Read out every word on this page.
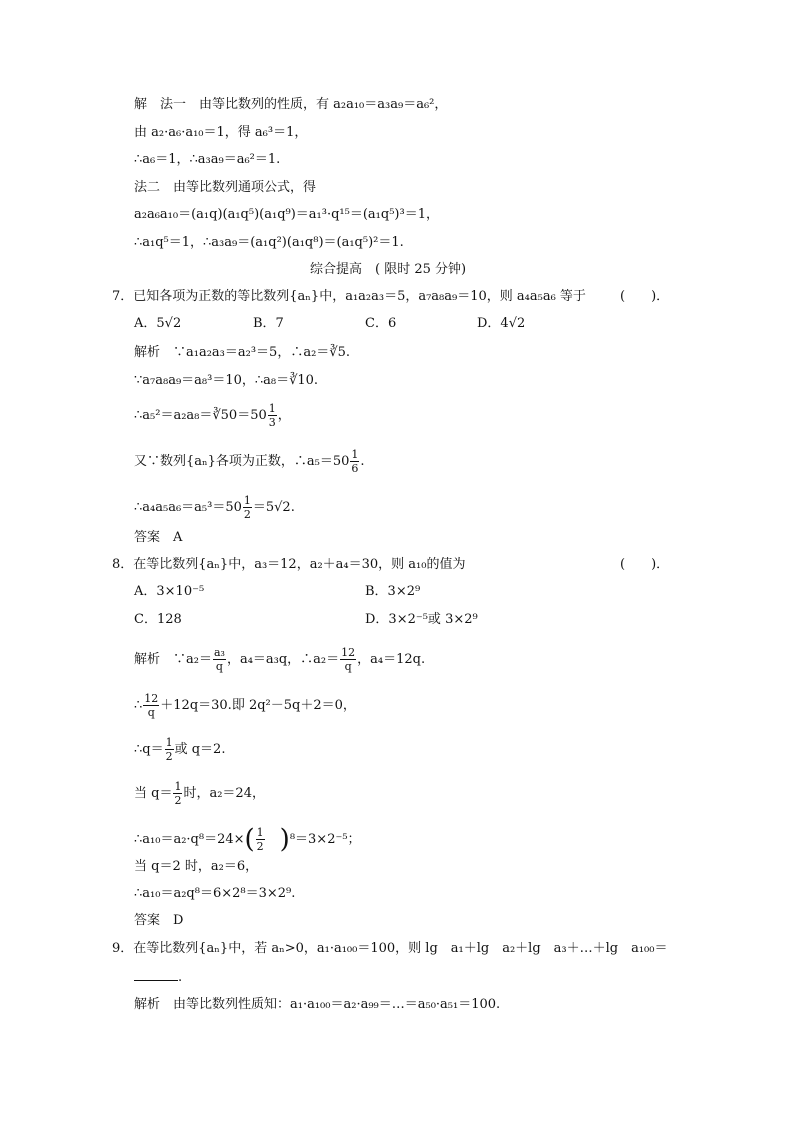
解　法一　由等比数列的性质，有 a₂a₁₀＝a₃a₉＝a₆²，
由 a₂·a₆·a₁₀＝1，得 a₆³＝1，
∴a₆＝1，∴a₃a₉＝a₆²＝1.
法二　由等比数列通项公式，得
a₂a₆a₁₀＝(a₁q)(a₁q⁵)(a₁q⁹)＝a₁³·q¹⁵＝(a₁q⁵)³＝1，
∴a₁q⁵＝1，∴a₃a₉＝(a₁q²)(a₁q⁸)＝(a₁q⁵)²＝1.
综合提高　( 限时 25 分钟)
7．已知各项为正数的等比数列{aₙ}中，a₁a₂a₃＝5，a₇a₈a₉＝10，则 a₄a₅a₆ 等于	(　　)．
A．5√2	B．7	C．6	D．4√2
解析　∵a₁a₂a₃＝a₂³＝5，∴a₂＝∛5.
∵a₇a₈a₉＝a₈³＝10，∴a₈＝∛10.
∴a₅²＝a₂a₈＝∛50＝50 $\frac{1}{3}$ ，
又∵数列{aₙ}各项为正数，∴a₅＝50 $\frac{1}{6}$ .
∴a₄a₅a₆＝a₅³＝50 $\frac{1}{2} =5√2$.
答案　A
8．在等比数列{aₙ}中，a₃＝12，a₂＋a₄＝30，则 a₁₀的值为	(　　)．
A．3×10⁻⁵	B．3×2⁹
C．128	D．3×2⁻⁵或 3×2⁹
解析　∵a₂＝ $\frac{\text{a₃}}{q}$ ，a₄＝a₃q，∴a₂＝ $\frac{12}{q}$ ，a₄＝12q.
∴ $\frac{12}{q} +12q=30$.即 2q²－5q＋2＝0，
∴q＝ $\frac{1}{2}$ 或 q＝2.
当 $q= \frac{1}{2}$ 时，a₂＝24，
∴a₁₀＝a₂·q⁸＝24×( $\frac{1}{2} )^8=3\times 2^{-5}$；
当 q＝2 时，a₂＝6，
∴a₁₀＝a₂q⁸＝6×2⁸＝3×2⁹.
答案　D
9．在等比数列{aₙ}中，若 aₙ>0，a₁·a₁₀₀＝100，则 lg　a₁＋lg　a₂＋lg　a₃＋…＋lg　a₁₀₀＝
.
解析　由等比数列性质知：a₁·a₁₀₀＝a₂·a₉₉＝…＝a₅₀·a₅₁＝100.
